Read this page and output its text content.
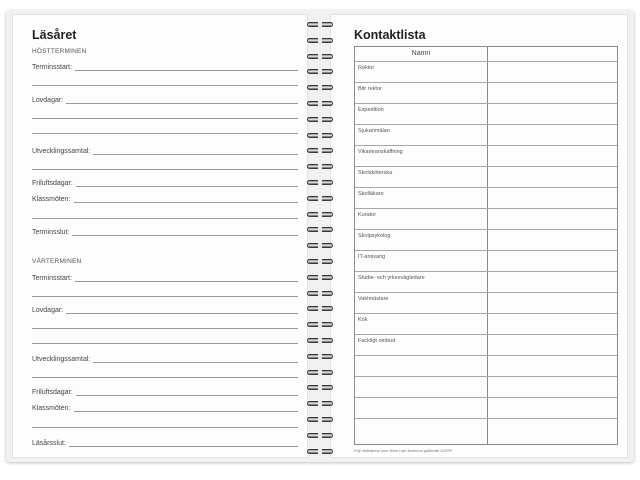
Läsåret
HÖSTTERMINEN
Terminsstart:
Lovdagar:
Utvecklingssamtal:
Friluftsdagar:
Klassmöten:
Terminsslut:
VÅRTERMINEN
Terminsstart:
Lovdagar:
Utvecklingssamtal:
Friluftsdagar:
Klassmöten:
Läsårsslut:
Kontaktlista
Namn
Rektor
Bitr rektor
Expedition
Sjukanmälan
Vikarieanskaffning
Skolsköterska
Skolläkare
Kurator
Skolpsykolog
IT-ansvarig
Studie- och yrkesvägledare
Vaktmästare
Kök
Fackligt ombud
Följ riktlinjerna som finns i din kommun gällande GDPR.
